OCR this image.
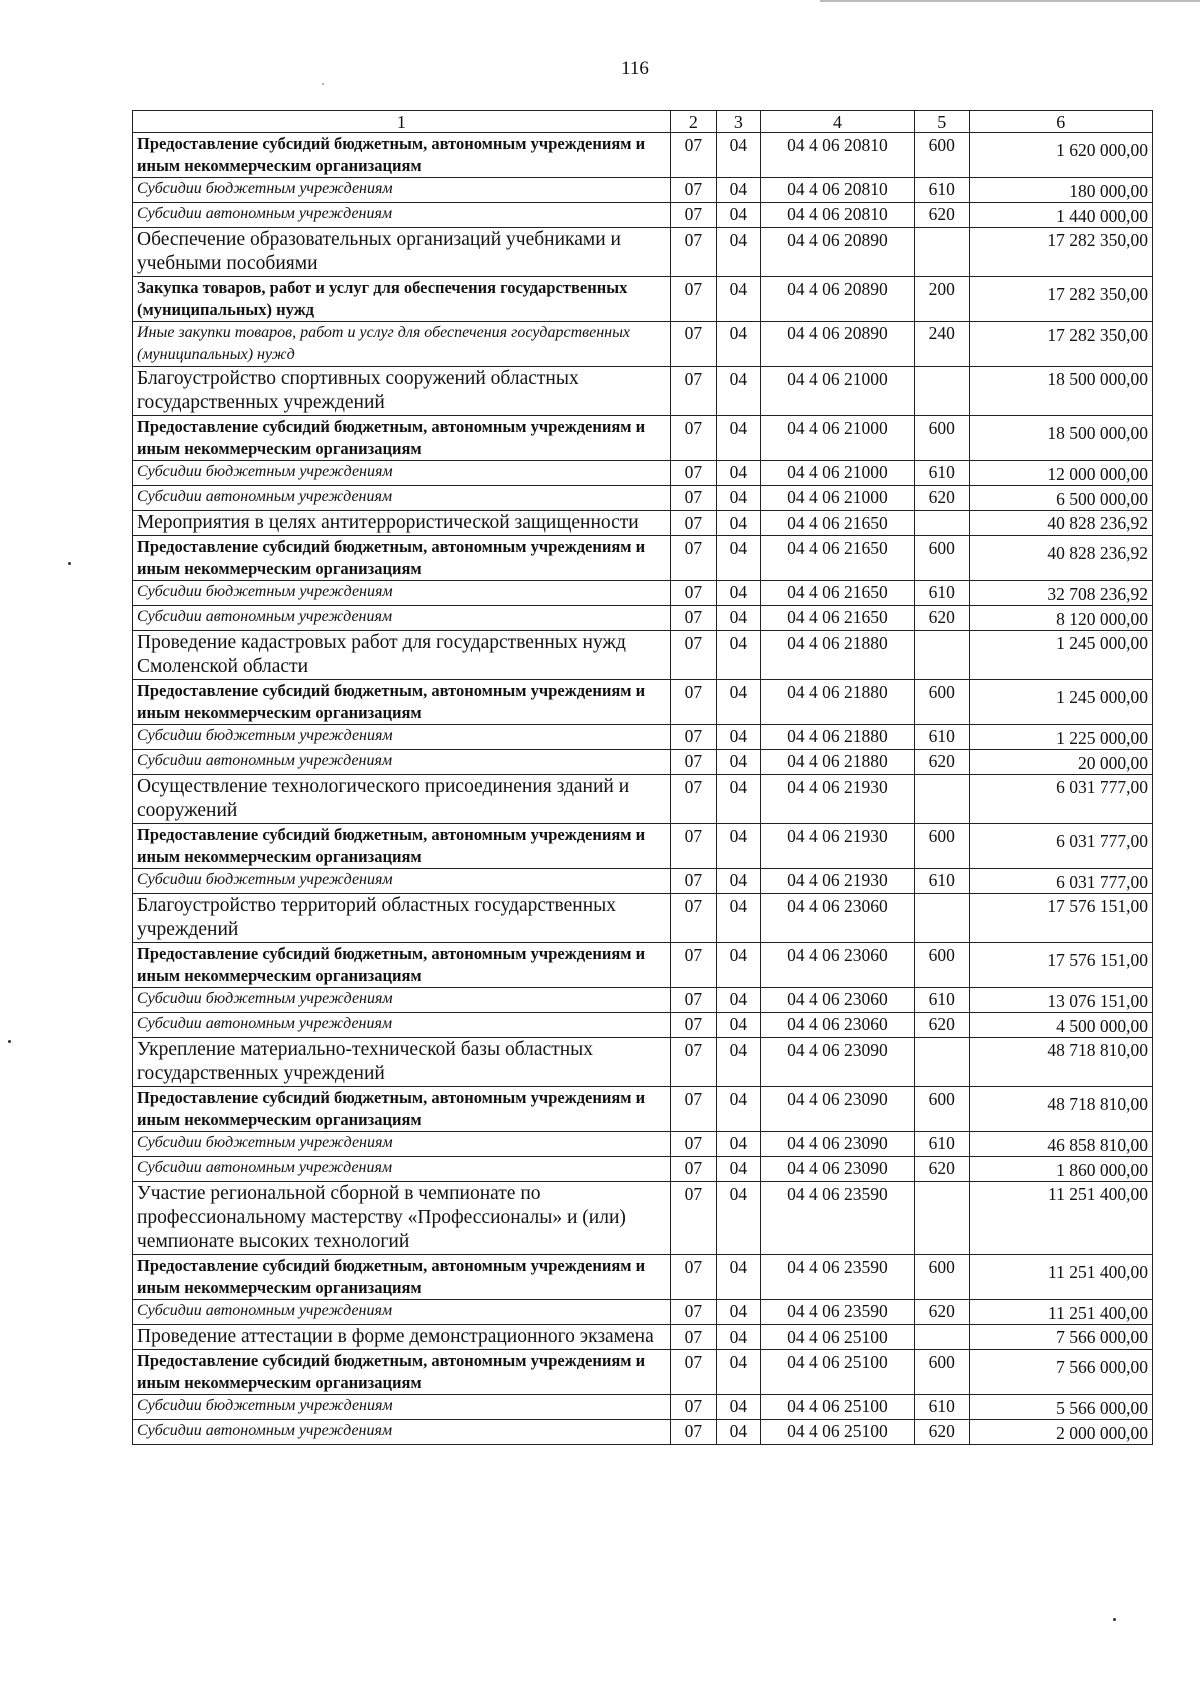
116
1	2	3	4	5	6
Предоставление субсидий бюджетным, автономным учреждениям и иным некоммерческим организациям	07	04	04 4 06 20810	600	1 620 000,00
Субсидии бюджетным учреждениям	07	04	04 4 06 20810	610	180 000,00
Субсидии автономным учреждениям	07	04	04 4 06 20810	620	1 440 000,00
Обеспечение образовательных организаций учебниками и учебными пособиями	07	04	04 4 06 20890		17 282 350,00
Закупка товаров, работ и услуг для обеспечения государственных (муниципальных) нужд	07	04	04 4 06 20890	200	17 282 350,00
Иные закупки товаров, работ и услуг для обеспечения государственных (муниципальных) нужд	07	04	04 4 06 20890	240	17 282 350,00
Благоустройство спортивных сооружений областных государственных учреждений	07	04	04 4 06 21000		18 500 000,00
Предоставление субсидий бюджетным, автономным учреждениям и иным некоммерческим организациям	07	04	04 4 06 21000	600	18 500 000,00
Субсидии бюджетным учреждениям	07	04	04 4 06 21000	610	12 000 000,00
Субсидии автономным учреждениям	07	04	04 4 06 21000	620	6 500 000,00
Мероприятия в целях антитеррористической защищенности	07	04	04 4 06 21650		40 828 236,92
Предоставление субсидий бюджетным, автономным учреждениям и иным некоммерческим организациям	07	04	04 4 06 21650	600	40 828 236,92
Субсидии бюджетным учреждениям	07	04	04 4 06 21650	610	32 708 236,92
Субсидии автономным учреждениям	07	04	04 4 06 21650	620	8 120 000,00
Проведение кадастровых работ для государственных нужд Смоленской области	07	04	04 4 06 21880		1 245 000,00
Предоставление субсидий бюджетным, автономным учреждениям и иным некоммерческим организациям	07	04	04 4 06 21880	600	1 245 000,00
Субсидии бюджетным учреждениям	07	04	04 4 06 21880	610	1 225 000,00
Субсидии автономным учреждениям	07	04	04 4 06 21880	620	20 000,00
Осуществление технологического присоединения зданий и сооружений	07	04	04 4 06 21930		6 031 777,00
Предоставление субсидий бюджетным, автономным учреждениям и иным некоммерческим организациям	07	04	04 4 06 21930	600	6 031 777,00
Субсидии бюджетным учреждениям	07	04	04 4 06 21930	610	6 031 777,00
Благоустройство территорий областных государственных учреждений	07	04	04 4 06 23060		17 576 151,00
Предоставление субсидий бюджетным, автономным учреждениям и иным некоммерческим организациям	07	04	04 4 06 23060	600	17 576 151,00
Субсидии бюджетным учреждениям	07	04	04 4 06 23060	610	13 076 151,00
Субсидии автономным учреждениям	07	04	04 4 06 23060	620	4 500 000,00
Укрепление материально-технической базы областных государственных учреждений	07	04	04 4 06 23090		48 718 810,00
Предоставление субсидий бюджетным, автономным учреждениям и иным некоммерческим организациям	07	04	04 4 06 23090	600	48 718 810,00
Субсидии бюджетным учреждениям	07	04	04 4 06 23090	610	46 858 810,00
Субсидии автономным учреждениям	07	04	04 4 06 23090	620	1 860 000,00
Участие региональной сборной в чемпионате по профессиональному мастерству «Профессионалы» и (или) чемпионате высоких технологий	07	04	04 4 06 23590		11 251 400,00
Предоставление субсидий бюджетным, автономным учреждениям и иным некоммерческим организациям	07	04	04 4 06 23590	600	11 251 400,00
Субсидии автономным учреждениям	07	04	04 4 06 23590	620	11 251 400,00
Проведение аттестации в форме демонстрационного экзамена	07	04	04 4 06 25100		7 566 000,00
Предоставление субсидий бюджетным, автономным учреждениям и иным некоммерческим организациям	07	04	04 4 06 25100	600	7 566 000,00
Субсидии бюджетным учреждениям	07	04	04 4 06 25100	610	5 566 000,00
Субсидии автономным учреждениям	07	04	04 4 06 25100	620	2 000 000,00
